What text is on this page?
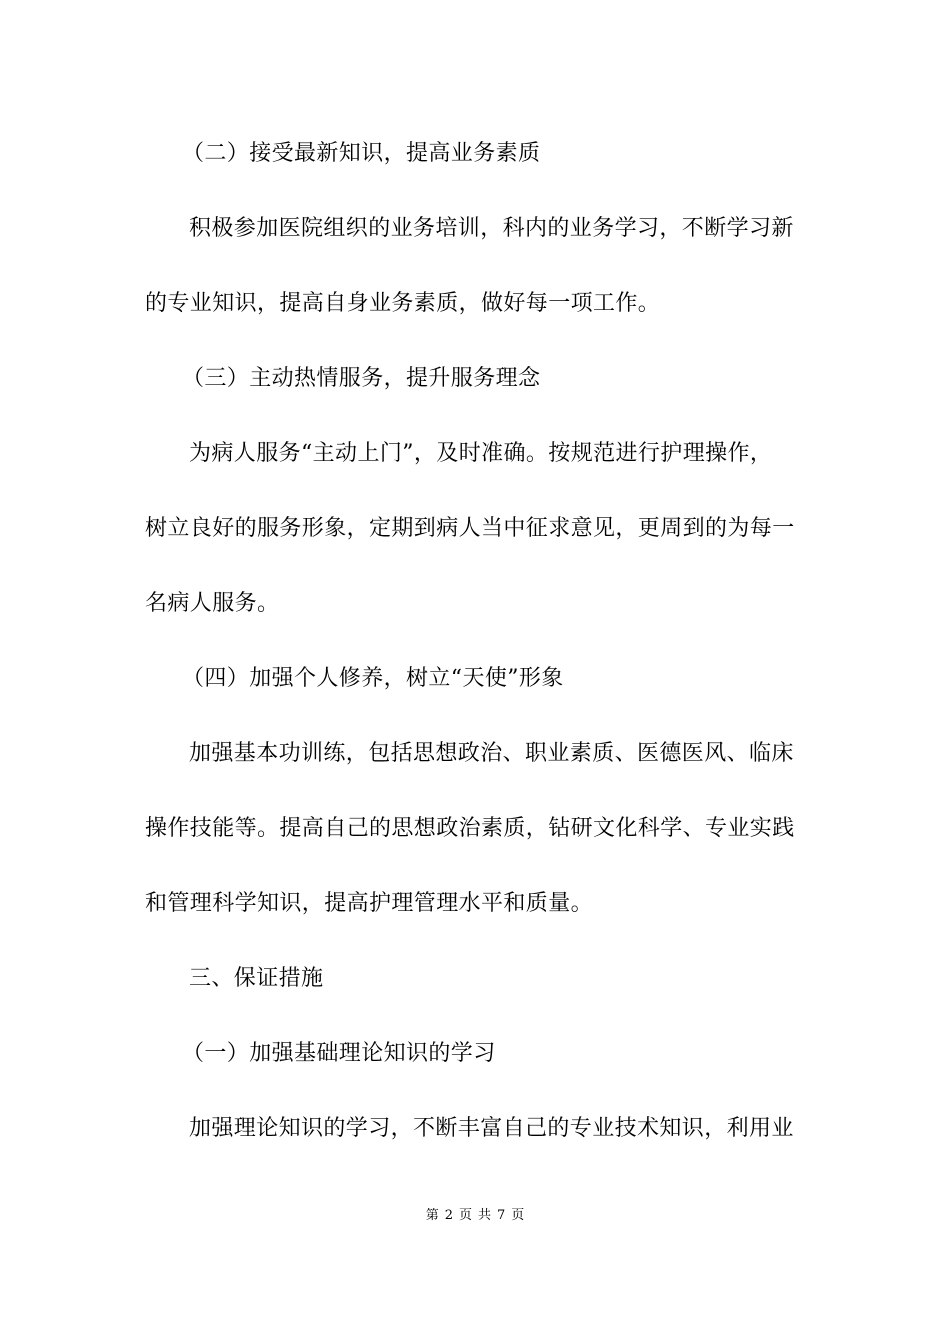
（二）接受最新知识，提高业务素质
积极参加医院组织的业务培训，科内的业务学习，不断学习新
的专业知识，提高自身业务素质，做好每一项工作。
（三）主动热情服务，提升服务理念
为病人服务“主动上门”，及时准确。按规范进行护理操作，
树立良好的服务形象，定期到病人当中征求意见，更周到的为每一
名病人服务。
（四）加强个人修养，树立“天使”形象
加强基本功训练，包括思想政治、职业素质、医德医风、临床
操作技能等。提高自己的思想政治素质，钻研文化科学、专业实践
和管理科学知识，提高护理管理水平和质量。
三、保证措施
（一）加强基础理论知识的学习
加强理论知识的学习，不断丰富自己的专业技术知识，利用业
第 2 页 共 7 页
